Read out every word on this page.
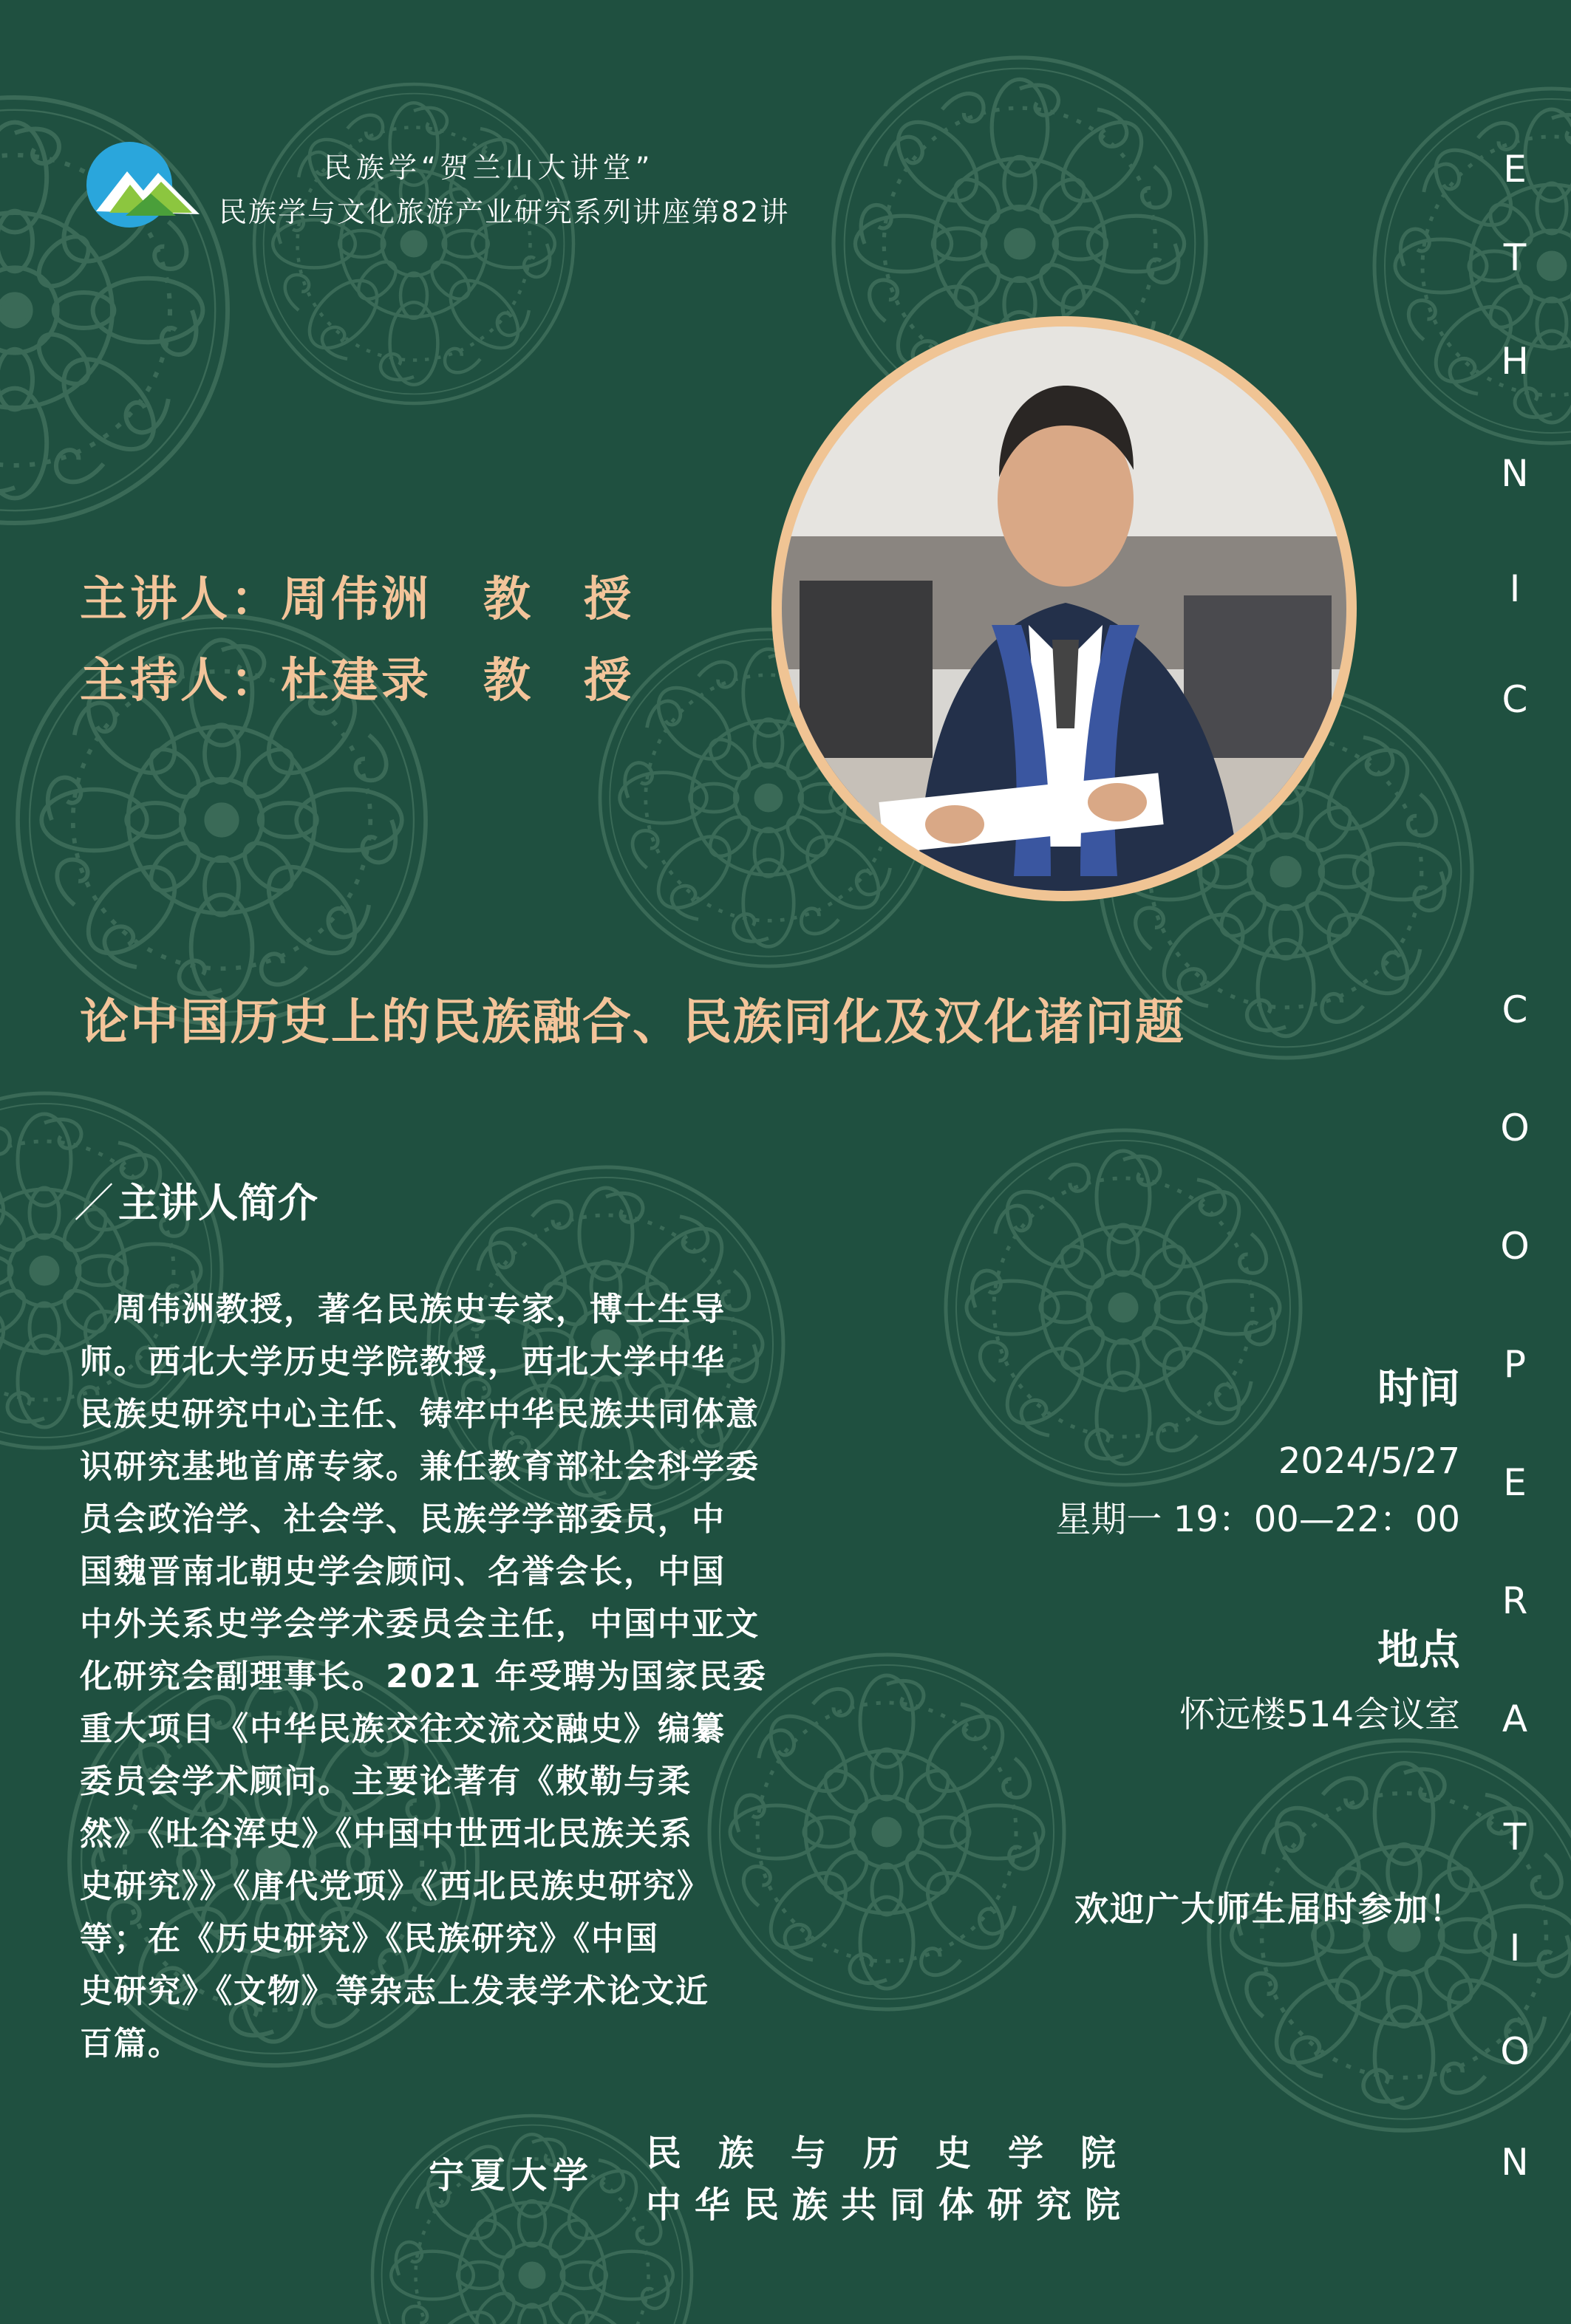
民族学“贺兰山大讲堂”
民族学与文化旅游产业研究系列讲座第82讲
主讲人：周伟洲 教　授
主持人：杜建录 教　授
论中国历史上的民族融合、民族同化及汉化诸问题
／ 主讲人简介
　周伟洲教授，著名民族史专家，博士生导
师。西北大学历史学院教授，西北大学中华
民族史研究中心主任、铸牢中华民族共同体意
识研究基地首席专家。兼任教育部社会科学委
员会政治学、社会学、民族学学部委员，中
国魏晋南北朝史学会顾问、名誉会长，中国
中外关系史学会学术委员会主任，中国中亚文
化研究会副理事长。2021 年受聘为国家民委
重大项目《中华民族交往交流交融史》编纂
委员会学术顾问。主要论著有《敕勒与柔
然》《吐谷浑史》《中国中世西北民族关系
史研究》》《唐代党项》《西北民族史研究》
等；在《历史研究》《民族研究》《中国
史研究》《文物》等杂志上发表学术论文近
百篇。
时间
2024/5/27
星期一 19：00—22：00
地点
怀远楼514会议室
欢迎广大师生届时参加！
E
T
H
N
I
C
C
O
O
P
E
R
A
T
I
O
N
宁夏大学
民族与历史学院
中华民族共同体研究院
